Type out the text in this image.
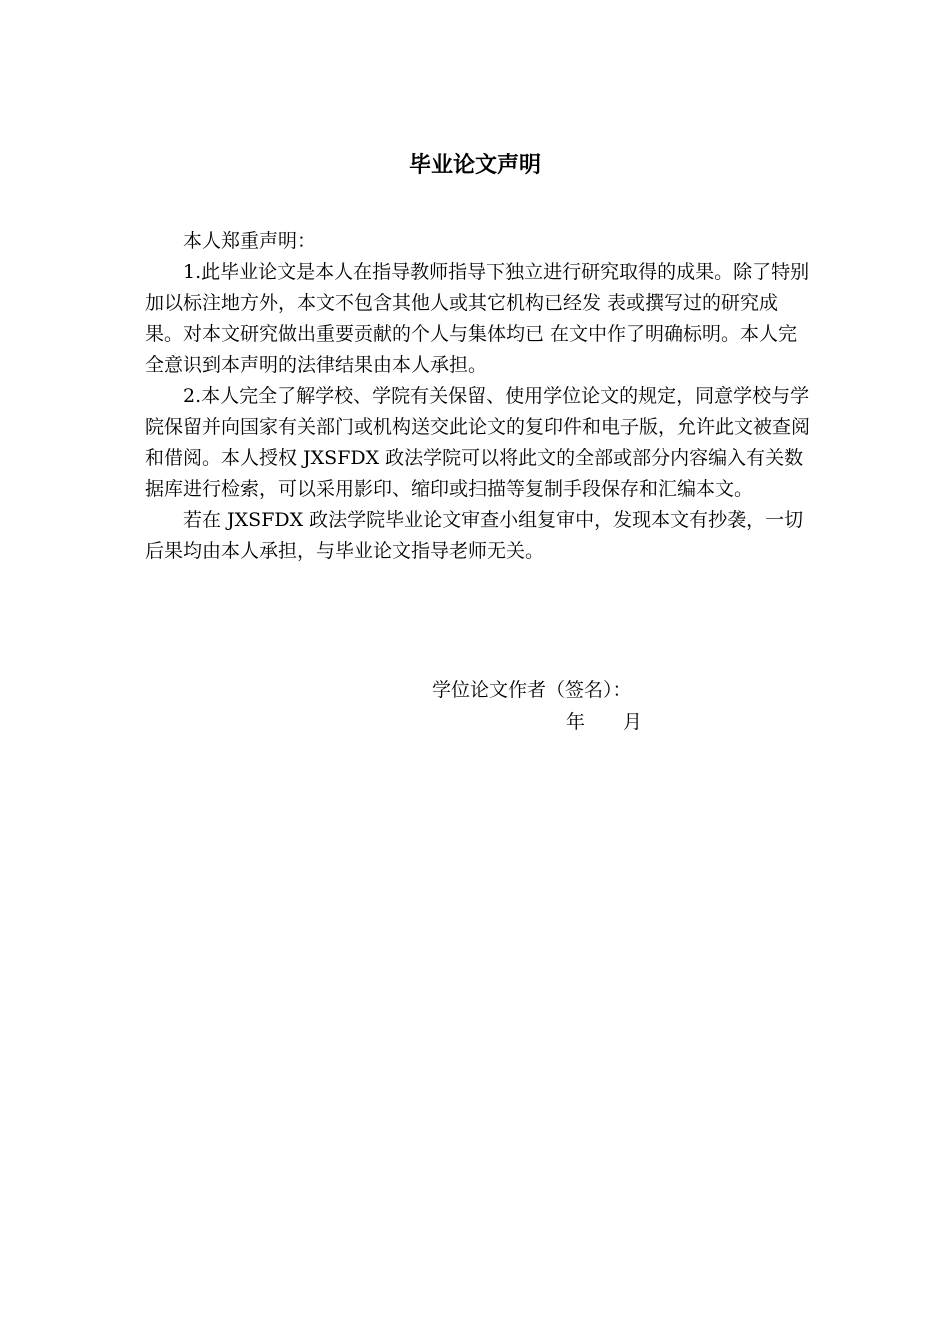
毕业论文声明

本人郑重声明：

1.此毕业论文是本人在指导教师指导下独立进行研究取得的成果。除了特别加以标注地方外，本文不包含其他人或其它机构已经发 表或撰写过的研究成果。对本文研究做出重要贡献的个人与集体均已 在文中作了明确标明。本人完全意识到本声明的法律结果由本人承担。

2.本人完全了解学校、学院有关保留、使用学位论文的规定，同意学校与学院保留并向国家有关部门或机构送交此论文的复印件和电子版，允许此文被查阅和借阅。本人授权 JXSFDX 政法学院可以将此文的全部或部分内容编入有关数据库进行检索，可以采用影印、缩印或扫描等复制手段保存和汇编本文。

若在 JXSFDX 政法学院毕业论文审查小组复审中，发现本文有抄袭，一切后果均由本人承担，与毕业论文指导老师无关。

学位论文作者（签名）：
年 月
